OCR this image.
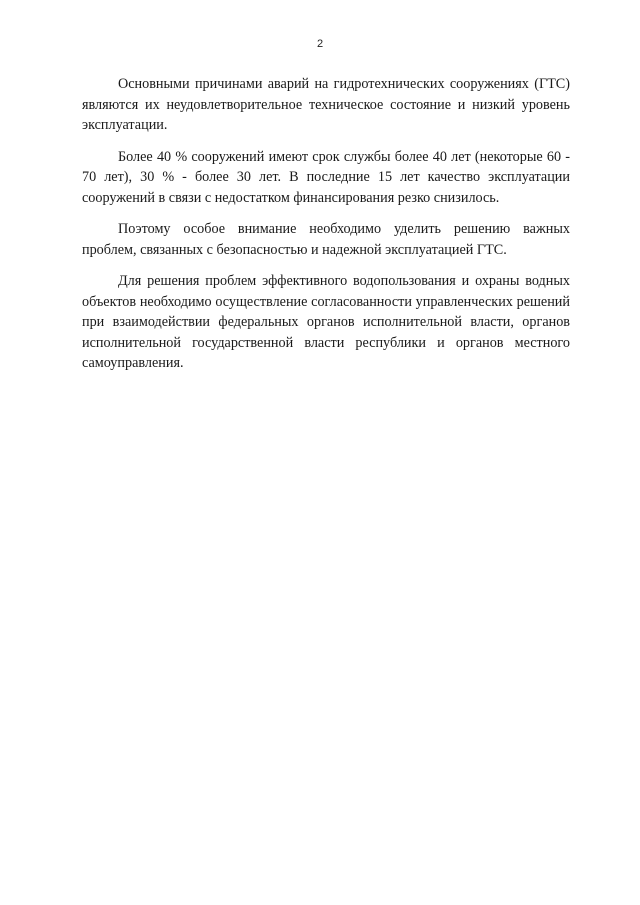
2

Основными причинами аварий на гидротехнических сооружениях (ГТС) являются их неудовлетворительное техническое состояние и низкий уровень эксплуатации.

Более 40 % сооружений имеют срок службы более 40 лет (некоторые 60 - 70 лет), 30 % - более 30 лет. В последние 15 лет качество эксплуатации сооружений в связи с недостатком финансирования резко снизилось.

Поэтому особое внимание необходимо уделить решению важных проблем, связанных с безопасностью и надежной эксплуатацией ГТС.

Для решения проблем эффективного водопользования и охраны водных объектов необходимо осуществление согласованности управленческих решений при взаимодействии федеральных органов исполнительной власти, органов исполнительной государственной власти республики и органов местного самоуправления.
